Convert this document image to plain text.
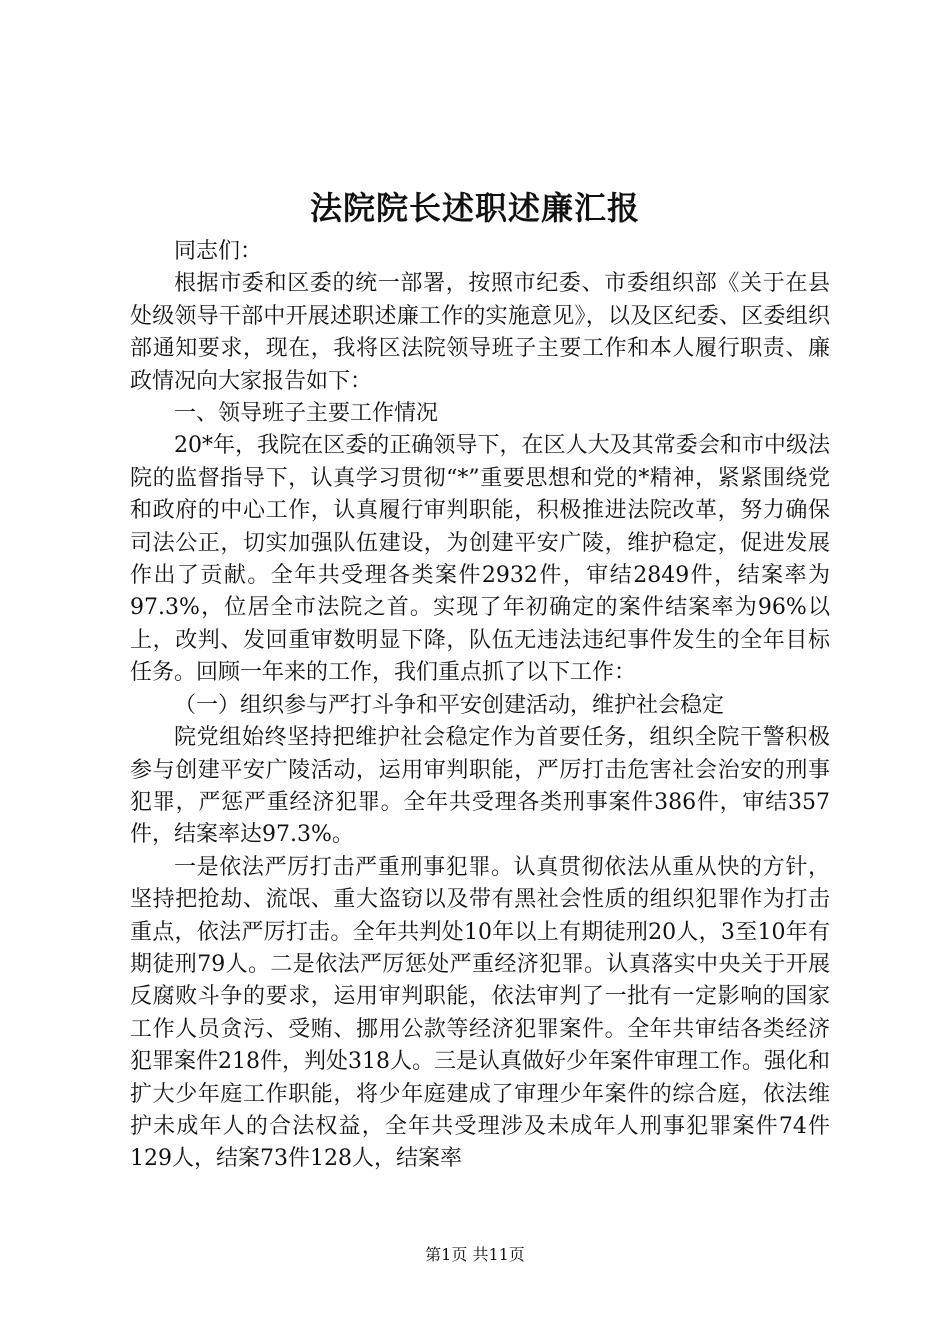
法院院长述职述廉汇报

同志们：

根据市委和区委的统一部署，按照市纪委、市委组织部《关于在县处级领导干部中开展述职述廉工作的实施意见》，以及区纪委、区委组织部通知要求，现在，我将区法院领导班子主要工作和本人履行职责、廉政情况向大家报告如下：

一、领导班子主要工作情况

20*年，我院在区委的正确领导下，在区人大及其常委会和市中级法院的监督指导下，认真学习贯彻“*”重要思想和党的*精神，紧紧围绕党和政府的中心工作，认真履行审判职能，积极推进法院改革，努力确保司法公正，切实加强队伍建设，为创建平安广陵，维护稳定，促进发展作出了贡献。全年共受理各类案件2932件，审结2849件，结案率为97.3%，位居全市法院之首。实现了年初确定的案件结案率为96%以上，改判、发回重审数明显下降，队伍无违法违纪事件发生的全年目标任务。回顾一年来的工作，我们重点抓了以下工作：

（一）组织参与严打斗争和平安创建活动，维护社会稳定

院党组始终坚持把维护社会稳定作为首要任务，组织全院干警积极参与创建平安广陵活动，运用审判职能，严厉打击危害社会治安的刑事犯罪，严惩严重经济犯罪。全年共受理各类刑事案件386件，审结357件，结案率达97.3%。

一是依法严厉打击严重刑事犯罪。认真贯彻依法从重从快的方针，坚持把抢劫、流氓、重大盗窃以及带有黑社会性质的组织犯罪作为打击重点，依法严厉打击。全年共判处10年以上有期徒刑20人，3至10年有期徒刑79人。二是依法严厉惩处严重经济犯罪。认真落实中央关于开展反腐败斗争的要求，运用审判职能，依法审判了一批有一定影响的国家工作人员贪污、受贿、挪用公款等经济犯罪案件。全年共审结各类经济犯罪案件218件，判处318人。三是认真做好少年案件审理工作。强化和扩大少年庭工作职能，将少年庭建成了审理少年案件的综合庭，依法维护未成年人的合法权益，全年共受理涉及未成年人刑事犯罪案件74件129人，结案73件128人，结案率

第1页 共11页
